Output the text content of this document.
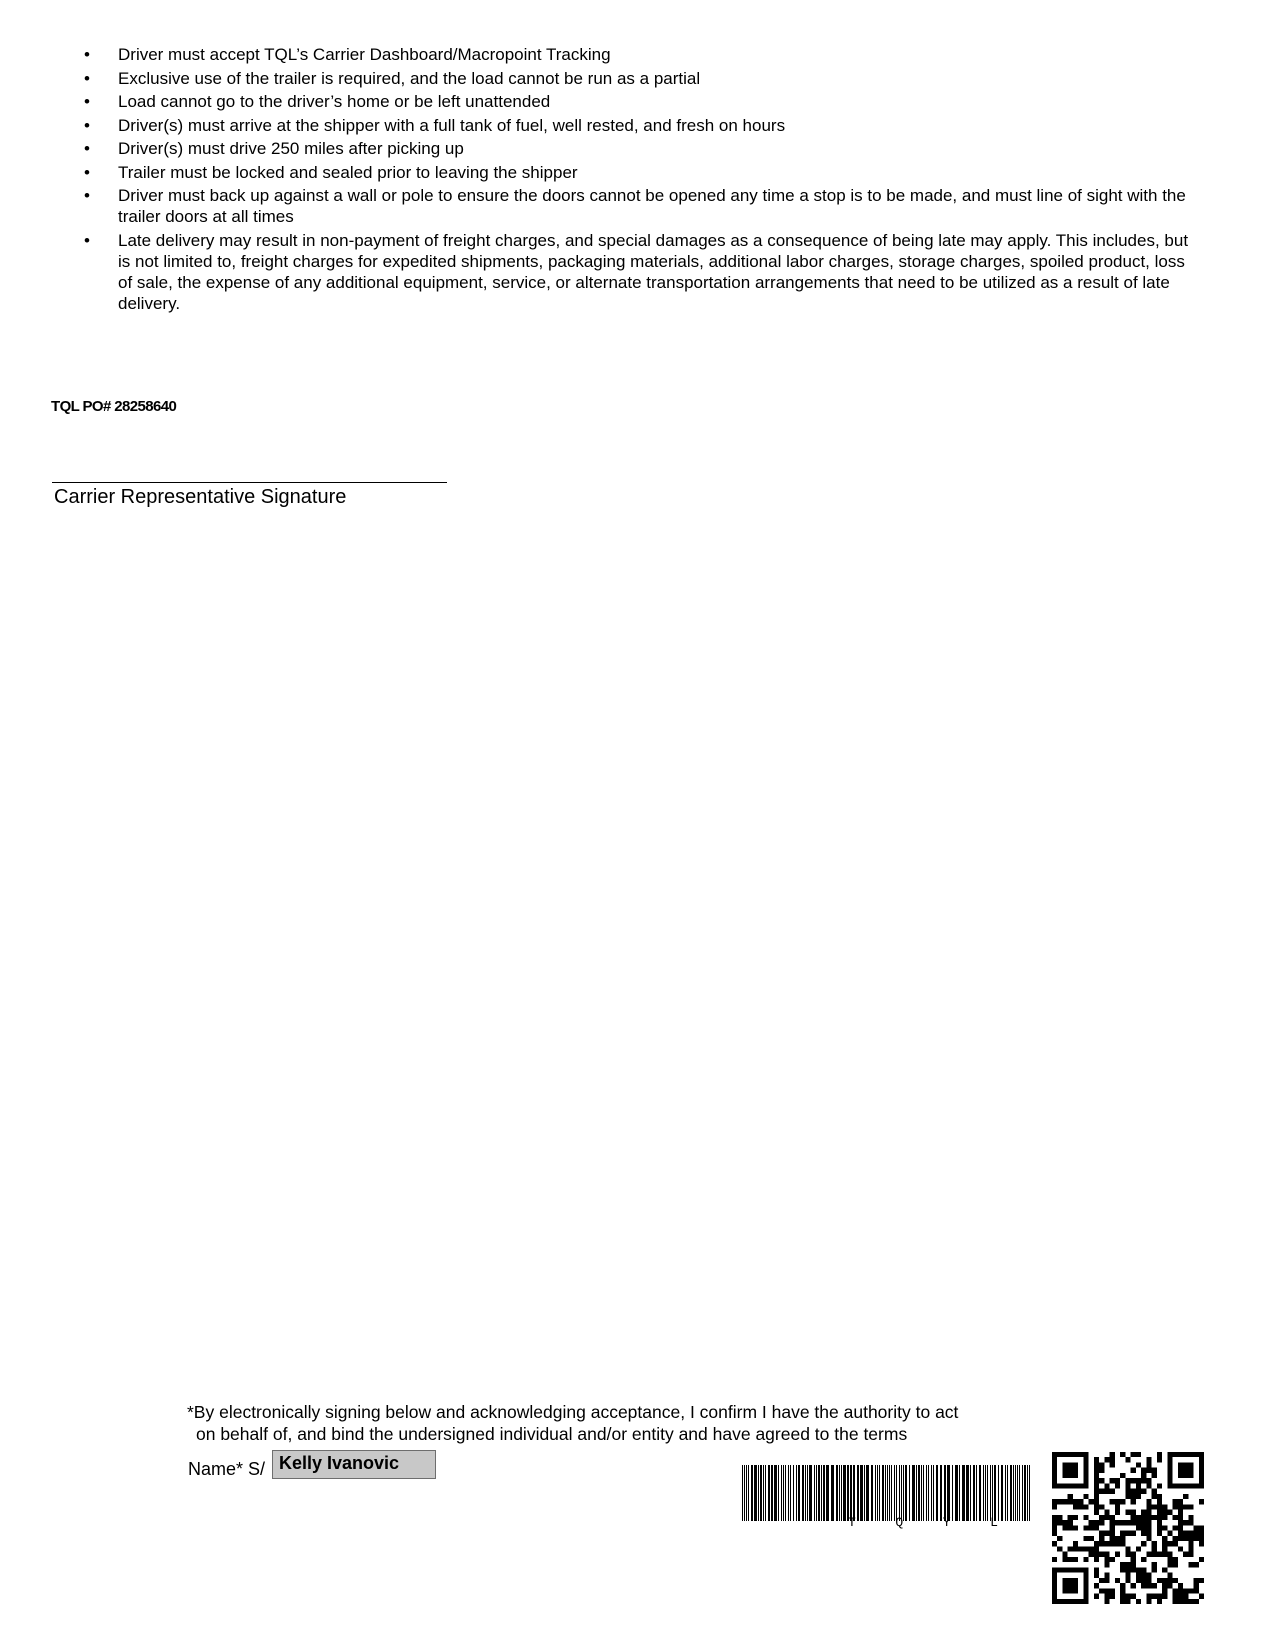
• Driver must accept TQL’s Carrier Dashboard/Macropoint Tracking
• Exclusive use of the trailer is required, and the load cannot be run as a partial
• Load cannot go to the driver’s home or be left unattended
• Driver(s) must arrive at the shipper with a full tank of fuel, well rested, and fresh on hours
• Driver(s) must drive 250 miles after picking up
• Trailer must be locked and sealed prior to leaving the shipper
• Driver must back up against a wall or pole to ensure the doors cannot be opened any time a stop is to be made, and must line of sight with the trailer doors at all times
• Late delivery may result in non-payment of freight charges, and special damages as a consequence of being late may apply. This includes, but is not limited to, freight charges for expedited shipments, packaging materials, additional labor charges, storage charges, spoiled product, loss of sale, the expense of any additional equipment, service, or alternate transportation arrangements that need to be utilized as a result of late delivery.
TQL PO# 28258640
Carrier Representative Signature
*By electronically signing below and acknowledging acceptance, I confirm I have the authority to act
on behalf of, and bind the undersigned individual and/or entity and have agreed to the terms
Name* S/ Kelly Ivanovic
T	Q	Y	L
